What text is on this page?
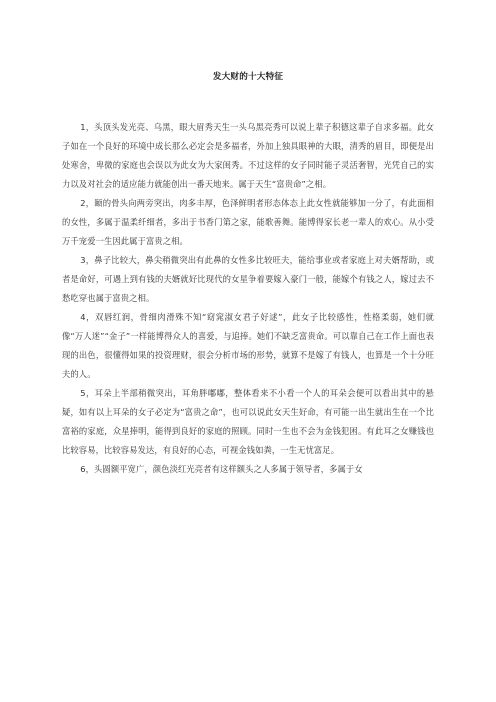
发大财的十大特征

1，头顶头发光亮、乌黑，眼大眉秀天生一头乌黑亮秀可以说上辈子积德这辈子自求多福。此女子如在一个良好的环境中成长那么必定会是多福者，外加上独具眼神的大眼，清秀的眉目，即便是出处寒舍，卑微的家庭也会误以为此女为大家闺秀。不过这样的女子同时能子灵活奢智，光凭自己的实力以及对社会的适应能力就能创出一番天地来。属于天生“富贵命”之相。

2，颐的骨头向两旁突出，肉多丰厚，色泽鲜明者形态体态上此女性就能够加一分了，有此面相的女性，多属于温柔纤细者，多出于书香门第之家，能歌善舞。能博得家长老一辈人的欢心。从小受万千宠爱一生因此属于富贵之相。

3，鼻子比较大，鼻尖稍微突出有此鼻的女性多比较旺夫，能给事业或者家庭上对夫婿帮助，或者是命好，可遇上到有钱的夫婿就好比现代的女星争着要嫁入豪门一般，能嫁个有钱之人，嫁过去不愁吃穿也属于富贵之相。

4，双唇红润，骨细肉滑殊不知“窈窕淑女君子好逑”，此女子比较感性，性格柔弱，她们就像“万人迷”“金子”一样能博得众人的喜爱，与追捧。她们不缺乏富贵命。可以靠自己在工作上面也表现的出色，很懂得如果的投资理财，很会分析市场的形势，就算不是嫁了有钱人，也算是一个十分旺夫的人。

5，耳朵上半部稍微突出，耳角胖嘟嘟，整体看来不小看一个人的耳朵会便可以看出其中的悬疑，如有以上耳朵的女子必定为“富贵之命”，也可以说此女天生好命，有可能一出生就出生在一个比富裕的家庭，众星捧明，能得到良好的家庭的照顾。同时一生也不会为金钱犯困。有此耳之女赚钱也比较容易，比较容易发达，有良好的心态，可视金钱如粪，一生无忧富足。

6，头圆额平宽广，颜色淡红光亮者有这样额头之人多属于领导者，多属于女
